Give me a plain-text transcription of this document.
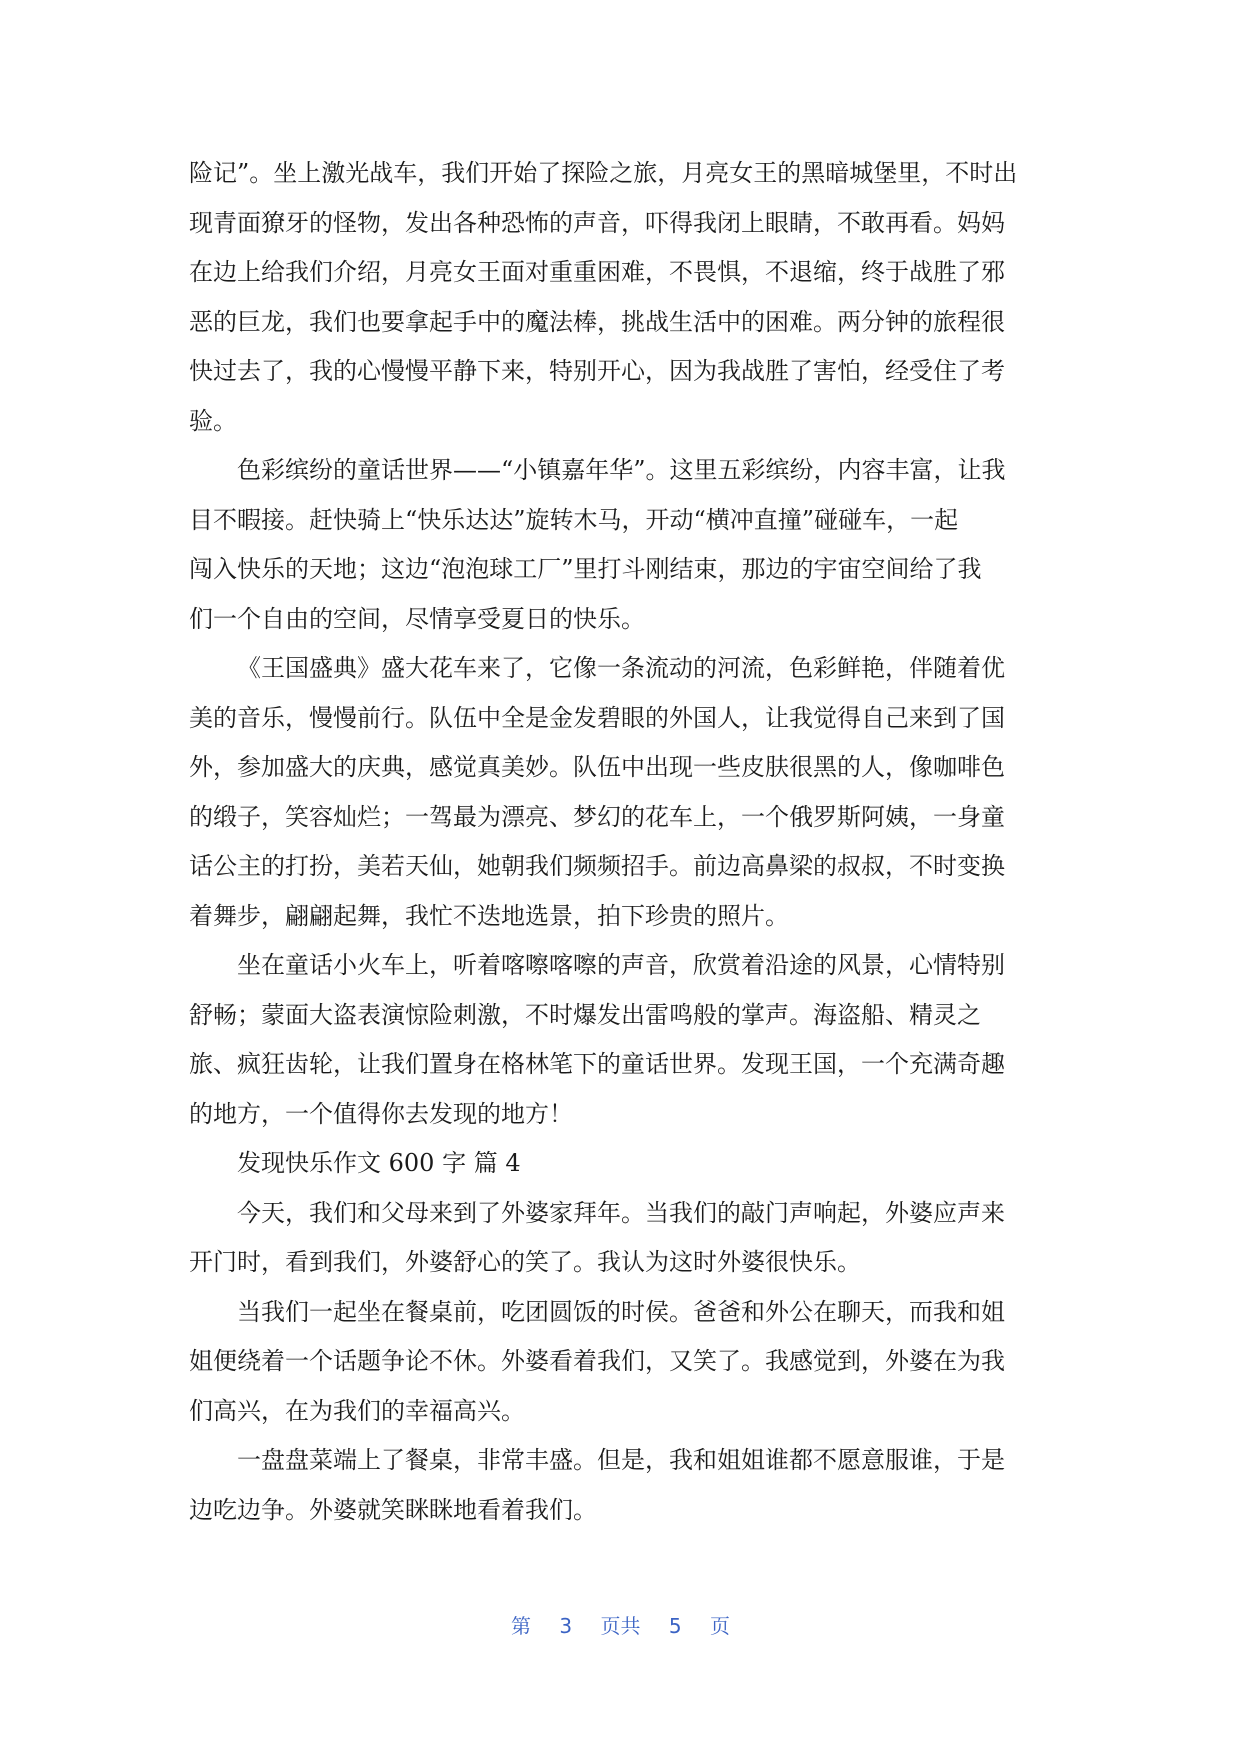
险记”。坐上激光战车，我们开始了探险之旅，月亮女王的黑暗城堡里，不时出
现青面獠牙的怪物，发出各种恐怖的声音，吓得我闭上眼睛，不敢再看。妈妈
在边上给我们介绍，月亮女王面对重重困难，不畏惧，不退缩，终于战胜了邪
恶的巨龙，我们也要拿起手中的魔法棒，挑战生活中的困难。两分钟的旅程很
快过去了，我的心慢慢平静下来，特别开心，因为我战胜了害怕，经受住了考
验。
色彩缤纷的童话世界——“小镇嘉年华”。这里五彩缤纷，内容丰富，让我
目不暇接。赶快骑上“快乐达达”旋转木马，开动“横冲直撞”碰碰车，一起
闯入快乐的天地；这边“泡泡球工厂”里打斗刚结束，那边的宇宙空间给了我
们一个自由的空间，尽情享受夏日的快乐。
《王国盛典》盛大花车来了，它像一条流动的河流，色彩鲜艳，伴随着优
美的音乐，慢慢前行。队伍中全是金发碧眼的外国人，让我觉得自己来到了国
外，参加盛大的庆典，感觉真美妙。队伍中出现一些皮肤很黑的人，像咖啡色
的缎子，笑容灿烂；一驾最为漂亮、梦幻的花车上，一个俄罗斯阿姨，一身童
话公主的打扮，美若天仙，她朝我们频频招手。前边高鼻梁的叔叔，不时变换
着舞步，翩翩起舞，我忙不迭地选景，拍下珍贵的照片。
坐在童话小火车上，听着喀嚓喀嚓的声音，欣赏着沿途的风景，心情特别
舒畅；蒙面大盗表演惊险刺激，不时爆发出雷鸣般的掌声。海盗船、精灵之
旅、疯狂齿轮，让我们置身在格林笔下的童话世界。发现王国，一个充满奇趣
的地方，一个值得你去发现的地方！
发现快乐作文 600 字 篇 4
今天，我们和父母来到了外婆家拜年。当我们的敲门声响起，外婆应声来
开门时，看到我们，外婆舒心的笑了。我认为这时外婆很快乐。
当我们一起坐在餐桌前，吃团圆饭的时侯。爸爸和外公在聊天，而我和姐
姐便绕着一个话题争论不休。外婆看着我们，又笑了。我感觉到，外婆在为我
们高兴，在为我们的幸福高兴。
一盘盘菜端上了餐桌，非常丰盛。但是，我和姐姐谁都不愿意服谁，于是
边吃边争。外婆就笑眯眯地看着我们。
第 3 页共 5 页
